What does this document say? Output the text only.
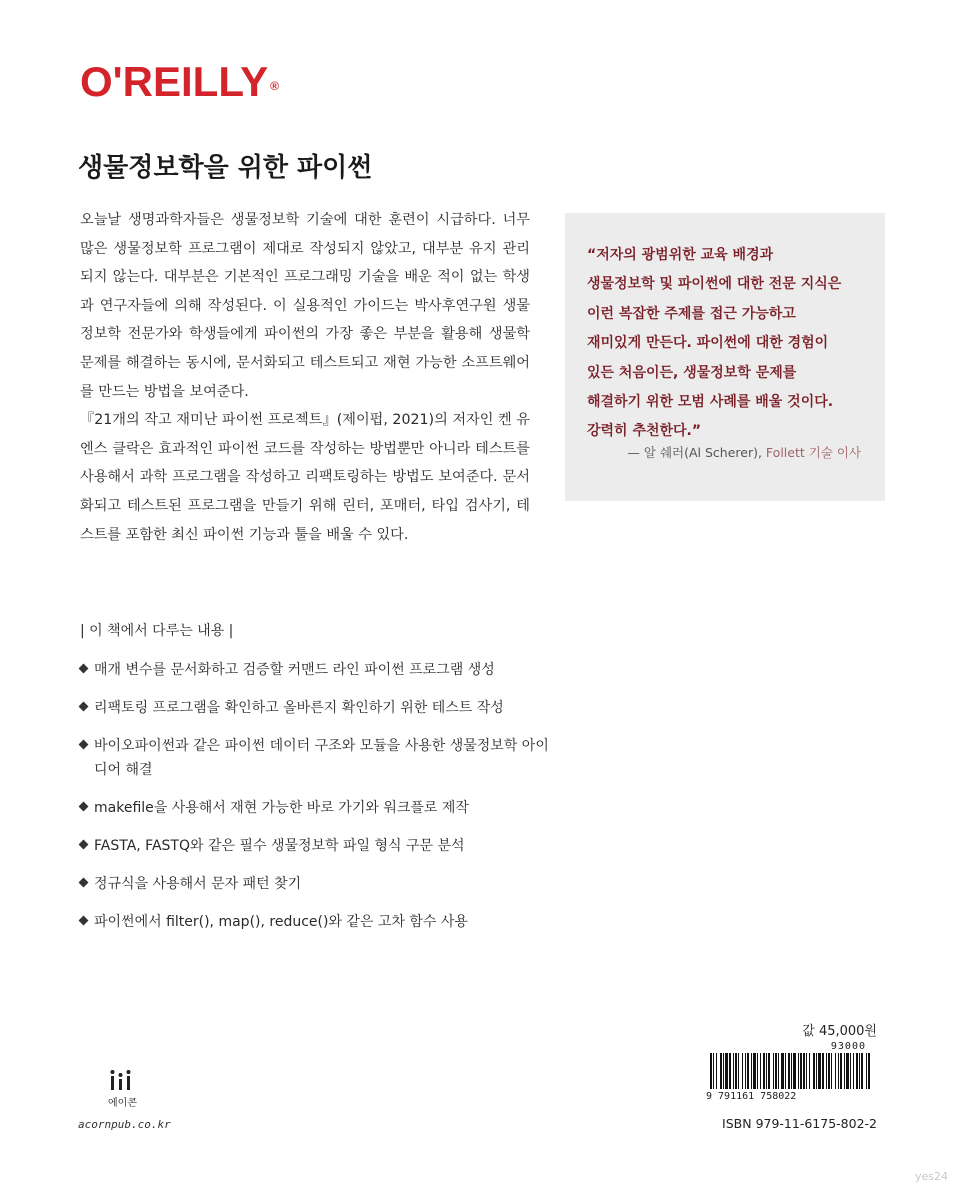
O'REILLY ®
생물정보학을 위한 파이썬

오늘날 생명과학자들은 생물정보학 기술에 대한 훈련이 시급하다. 너무 많은 생물정보학 프로그램이 제대로 작성되지 않았고, 대부분 유지 관리되지 않는다. 대부분은 기본적인 프로그래밍 기술을 배운 적이 없는 학생과 연구자들에 의해 작성된다. 이 실용적인 가이드는 박사후연구원 생물정보학 전문가와 학생들에게 파이썬의 가장 좋은 부분을 활용해 생물학 문제를 해결하는 동시에, 문서화되고 테스트되고 재현 가능한 소프트웨어를 만드는 방법을 보여준다.

『21개의 작고 재미난 파이썬 프로젝트』(제이펍, 2021)의 저자인 켄 유엔스 클락은 효과적인 파이썬 코드를 작성하는 방법뿐만 아니라 테스트를 사용해서 과학 프로그램을 작성하고 리팩토링하는 방법도 보여준다. 문서화되고 테스트된 프로그램을 만들기 위해 린터, 포매터, 타입 검사기, 테스트를 포함한 최신 파이썬 기능과 툴을 배울 수 있다.

“저자의 광범위한 교육 배경과
생물정보학 및 파이썬에 대한 전문 지식은
이런 복잡한 주제를 접근 가능하고
재미있게 만든다. 파이썬에 대한 경험이
있든 처음이든, 생물정보학 문제를
해결하기 위한 모범 사례를 배울 것이다.
강력히 추천한다.”
— 알 쉐러(Al Scherer), Follett 기술 이사
| 이 책에서 다루는 내용 |
매개 변수를 문서화하고 검증할 커맨드 라인 파이썬 프로그램 생성
리팩토링 프로그램을 확인하고 올바른지 확인하기 위한 테스트 작성
바이오파이썬과 같은 파이썬 데이터 구조와 모듈을 사용한 생물정보학 아이디어 해결
makefile을 사용해서 재현 가능한 바로 가기와 워크플로 제작
FASTA, FASTQ와 같은 필수 생물정보학 파일 형식 구문 분석
정규식을 사용해서 문자 패턴 찾기
파이썬에서 filter(), map(), reduce()와 같은 고차 함수 사용
값 45,000원
93000
9 791161 758022
ISBN 979-11-6175-802-2
에이콘
acornpub.co.kr
yes24
